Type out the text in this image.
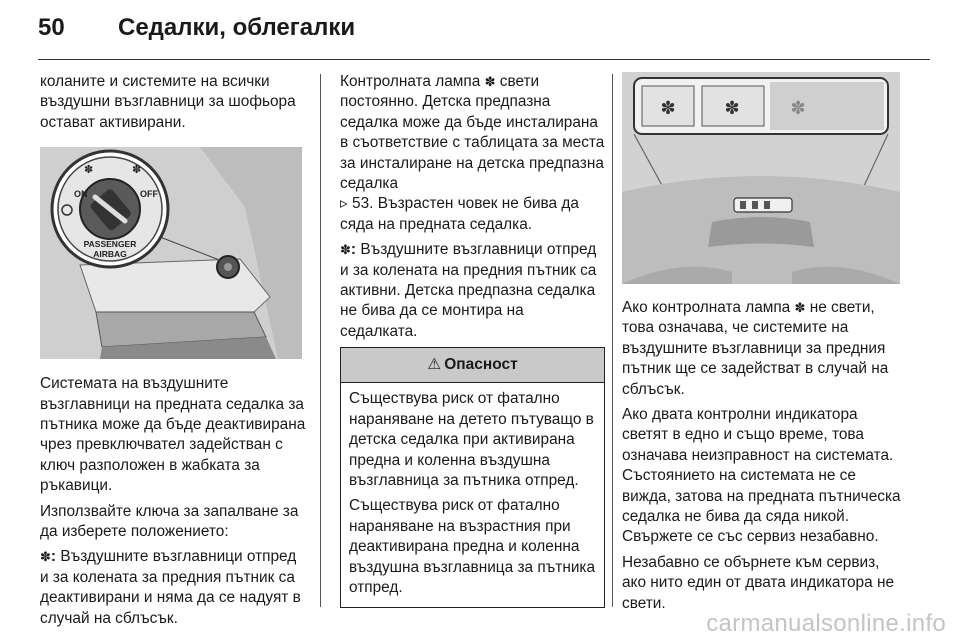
50 Седалки, облегалки

коланите и системите на всички въздушни възглавници за шофьора остават активирани.

✽	✽
ON	OFF
PASSENGER
AIRBAG

Системата на въздушните възглавници на предната седалка за пътника може да бъде деактивирана чрез превключвател задействан с ключ разположен в жабката за ръкавици.

Използвайте ключа за запалване за да изберете положението:

✽: Въздушните възглавници отпред и за колената за предния пътник са деактивирани и няма да се надуят в случай на сблъсък.

Контролната лампа ✽ свети постоянно. Детска предпазна седалка може да бъде инсталирана в съответствие с таблицата за места за инсталиране на детска предпазна седалка
▹ 53. Възрастен човек не бива да сяда на предната седалка.

✽: Въздушните възглавници отпред и за колената на предния пътник са активни. Детска предпазна седалка не бива да се монтира на седалката.

⚠ Опасност

Съществува риск от фатално нараняване на детето пътуващо в детска седалка при активирана предна и коленна въздушна възглавница за пътника отпред.

Съществува риск от фатално нараняване на възрастния при деактивирана предна и коленна въздушна възглавница за пътника отпред.

✽	✽	✽

Ако контролната лампа ✽ не свети, това означава, че системите на въздушните възглавници за предния пътник ще се задействат в случай на сблъсък.

Ако двата контролни индикатора светят в едно и също време, това означава неизправност на системата. Състоянието на системата не се вижда, затова на предната пътническа седалка не бива да сяда никой. Свържете се със сервиз незабавно.

Незабавно се обърнете към сервиз, ако нито един от двата индикатора не свети.

carmanualsonline.info
